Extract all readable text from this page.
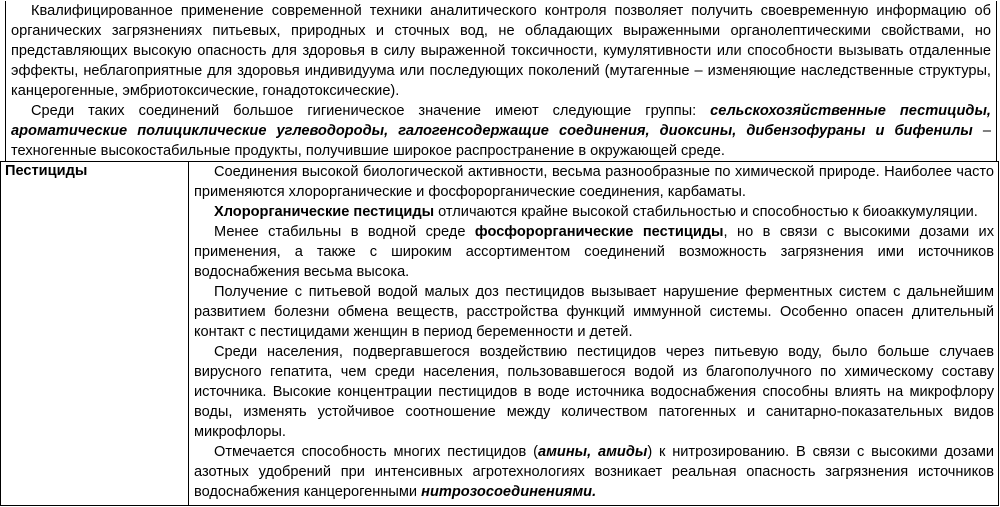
Квалифицированное применение современной техники аналитического контроля позволяет получить своевременную информацию об органических загрязнениях питьевых, природных и сточных вод, не обладающих выраженными органолептическими свойствами, но представляющих высокую опасность для здоровья в силу выраженной токсичности, кумулятивности или способности вызывать отдаленные эффекты, неблагоприятные для здоровья индивидуума или последующих поколений (мутагенные – изменяющие наследственные структуры, канцерогенные, эмбриотоксические, гонадотоксические).

Среди таких соединений большое гигиеническое значение имеют следующие группы: сельскохозяйственные пестициды, ароматические полициклические углеводороды, галогенсодержащие соединения, диоксины, дибензофураны и бифенилы – техногенные высокостабильные продукты, получившие широкое распространение в окружающей среде.

Пестициды	Соединения высокой биологической активности, весьма разнообразные по химической природе. Наиболее часто применяются хлорорганические и фосфорорганические соединения, карбаматы.

Хлорорганические пестициды отличаются крайне высокой стабильностью и способностью к биоаккумуляции.

Менее стабильны в водной среде фосфорорганические пестициды, но в связи с высокими дозами их применения, а также с широким ассортиментом соединений возможность загрязнения ими источников водоснабжения весьма высока.

Получение с питьевой водой малых доз пестицидов вызывает нарушение ферментных систем с дальнейшим развитием болезни обмена веществ, расстройства функций иммунной системы. Особенно опасен длительный контакт с пестицидами женщин в период беременности и детей.

Среди населения, подвергавшегося воздействию пестицидов через питьевую воду, было больше случаев вирусного гепатита, чем среди населения, пользовавшегося водой из благополучного по химическому составу источника. Высокие концентрации пестицидов в воде источника водоснабжения способны влиять на микрофлору воды, изменять устойчивое соотношение между количеством патогенных и санитарно-показательных видов микрофлоры.

Отмечается способность многих пестицидов (амины, амиды) к нитрозированию. В связи с высокими дозами азотных удобрений при интенсивных агротехнологиях возникает реальная опасность загрязнения источников водоснабжения канцерогенными нитрозосоединениями.
